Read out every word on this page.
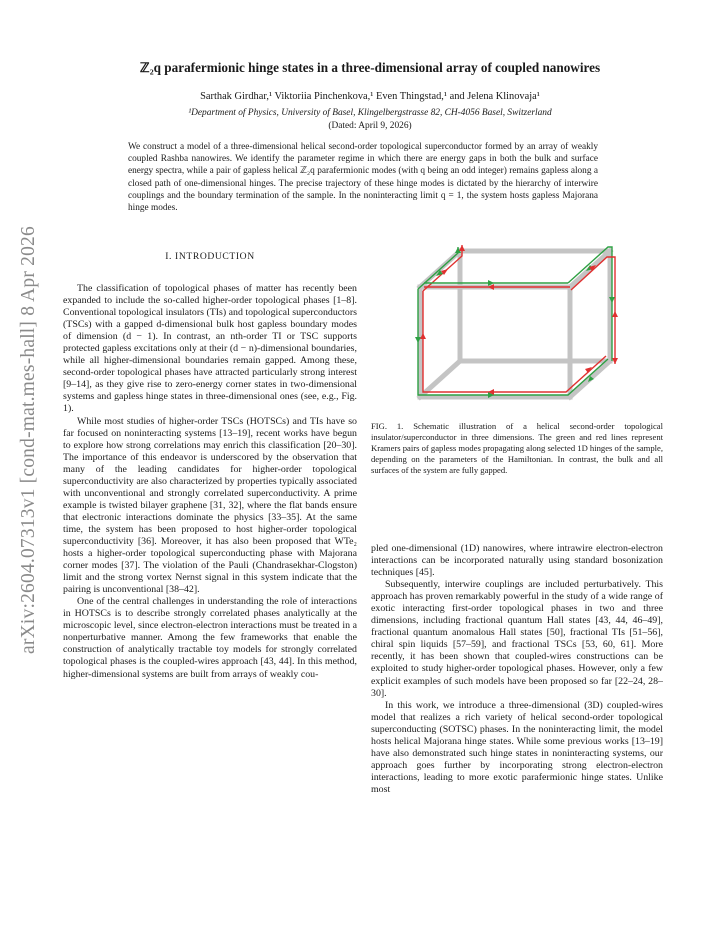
arXiv:2604.07313v1 [cond-mat.mes-hall] 8 Apr 2026
ℤ₂q parafermionic hinge states in a three-dimensional array of coupled nanowires
Sarthak Girdhar,¹ Viktoriia Pinchenkova,¹ Even Thingstad,¹ and Jelena Klinovaja¹
¹Department of Physics, University of Basel, Klingelbergstrasse 82, CH-4056 Basel, Switzerland
(Dated: April 9, 2026)
We construct a model of a three-dimensional helical second-order topological superconductor formed by an array of weakly coupled Rashba nanowires. We identify the parameter regime in which there are energy gaps in both the bulk and surface energy spectra, while a pair of gapless helical ℤ₂q parafermionic modes (with q being an odd integer) remains gapless along a closed path of one-dimensional hinges. The precise trajectory of these hinge modes is dictated by the hierarchy of interwire couplings and the boundary termination of the sample. In the noninteracting limit q = 1, the system hosts gapless Majorana hinge modes.
I. INTRODUCTION

The classification of topological phases of matter has recently been expanded to include the so-called higher-order topological phases [1–8]. Conventional topological insulators (TIs) and topological superconductors (TSCs) with a gapped d-dimensional bulk host gapless boundary modes of dimension (d − 1). In contrast, an nth-order TI or TSC supports protected gapless excitations only at their (d − n)-dimensional boundaries, while all higher-dimensional boundaries remain gapped. Among these, second-order topological phases have attracted particularly strong interest [9–14], as they give rise to zero-energy corner states in two-dimensional systems and gapless hinge states in three-dimensional ones (see, e.g., Fig. 1).

While most studies of higher-order TSCs (HOTSCs) and TIs have so far focused on noninteracting systems [13–19], recent works have begun to explore how strong correlations may enrich this classification [20–30]. The importance of this endeavor is underscored by the observation that many of the leading candidates for higher-order topological superconductivity are also characterized by properties typically associated with unconventional and strongly correlated superconductivity. A prime example is twisted bilayer graphene [31, 32], where the flat bands ensure that electronic interactions dominate the physics [33–35]. At the same time, the system has been proposed to host higher-order topological superconductivity [36]. Moreover, it has also been proposed that WTe₂ hosts a higher-order topological superconducting phase with Majorana corner modes [37]. The violation of the Pauli (Chandrasekhar-Clogston) limit and the strong vortex Nernst signal in this system indicate that the pairing is unconventional [38–42].

One of the central challenges in understanding the role of interactions in HOTSCs is to describe strongly correlated phases analytically at the microscopic level, since electron-electron interactions must be treated in a nonperturbative manner. Among the few frameworks that enable the construction of analytically tractable toy models for strongly correlated topological phases is the coupled-wires approach [43, 44]. In this method, higher-dimensional systems are built from arrays of weakly cou-

FIG. 1. Schematic illustration of a helical second-order topological insulator/superconductor in three dimensions. The green and red lines represent Kramers pairs of gapless modes propagating along selected 1D hinges of the sample, depending on the parameters of the Hamiltonian. In contrast, the bulk and all surfaces of the system are fully gapped.

pled one-dimensional (1D) nanowires, where intrawire electron-electron interactions can be incorporated naturally using standard bosonization techniques [45].

Subsequently, interwire couplings are included perturbatively. This approach has proven remarkably powerful in the study of a wide range of exotic interacting first-order topological phases in two and three dimensions, including fractional quantum Hall states [43, 44, 46–49], fractional quantum anomalous Hall states [50], fractional TIs [51–56], chiral spin liquids [57–59], and fractional TSCs [53, 60, 61]. More recently, it has been shown that coupled-wires constructions can be exploited to study higher-order topological phases. However, only a few explicit examples of such models have been proposed so far [22–24, 28–30].

In this work, we introduce a three-dimensional (3D) coupled-wires model that realizes a rich variety of helical second-order topological superconducting (SOTSC) phases. In the noninteracting limit, the model hosts helical Majorana hinge states. While some previous works [13–19] have also demonstrated such hinge states in noninteracting systems, our approach goes further by incorporating strong electron-electron interactions, leading to more exotic parafermionic hinge states. Unlike most
